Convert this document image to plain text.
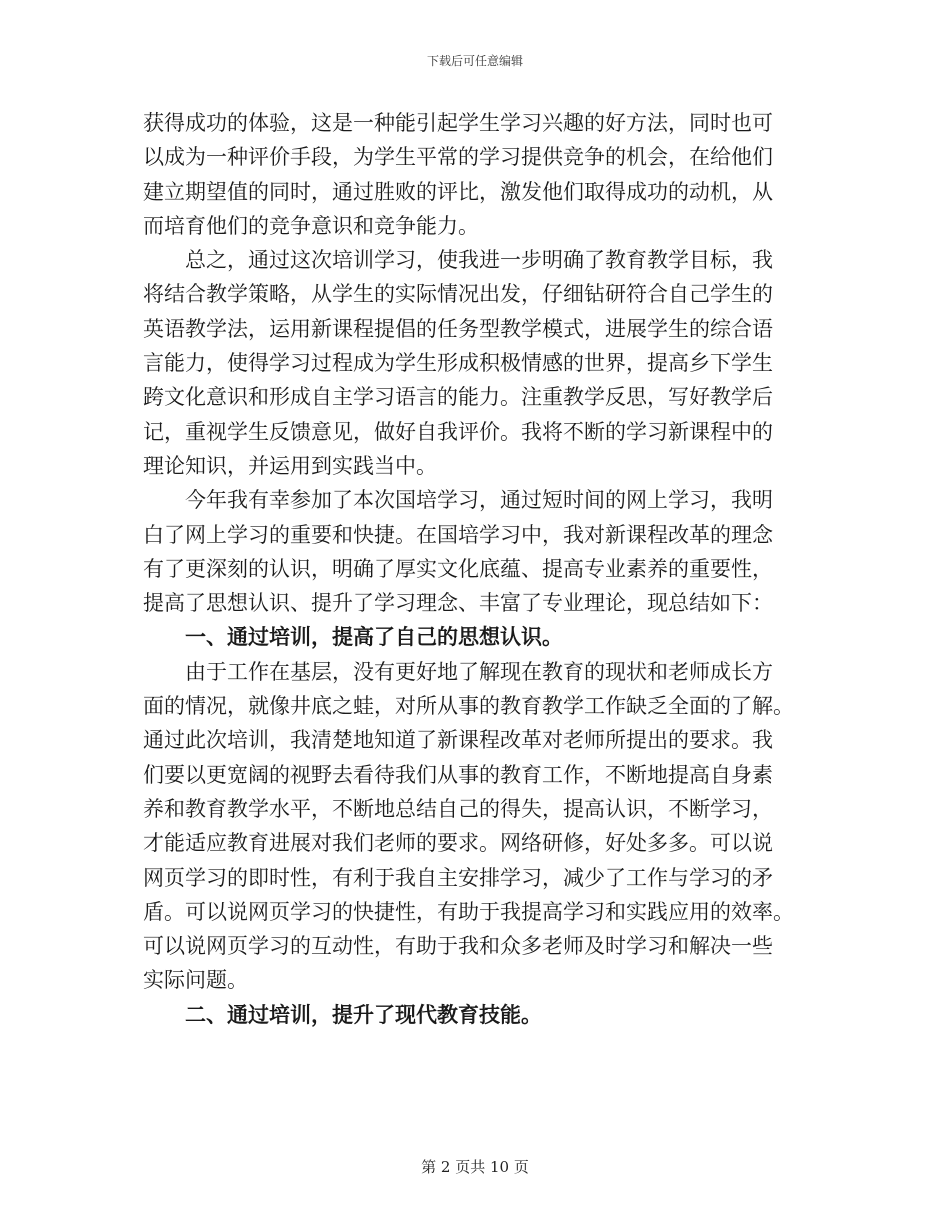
下载后可任意编辑
获得成功的体验，这是一种能引起学生学习兴趣的好方法，同时也可
以成为一种评价手段，为学生平常的学习提供竞争的机会，在给他们
建立期望值的同时，通过胜败的评比，激发他们取得成功的动机，从
而培育他们的竞争意识和竞争能力。
总之，通过这次培训学习，使我进一步明确了教育教学目标，我
将结合教学策略，从学生的实际情况出发，仔细钻研符合自己学生的
英语教学法，运用新课程提倡的任务型教学模式，进展学生的综合语
言能力，使得学习过程成为学生形成积极情感的世界，提高乡下学生
跨文化意识和形成自主学习语言的能力。注重教学反思，写好教学后
记，重视学生反馈意见，做好自我评价。我将不断的学习新课程中的
理论知识，并运用到实践当中。
今年我有幸参加了本次国培学习，通过短时间的网上学习，我明
白了网上学习的重要和快捷。在国培学习中，我对新课程改革的理念
有了更深刻的认识，明确了厚实文化底蕴、提高专业素养的重要性，
提高了思想认识、提升了学习理念、丰富了专业理论，现总结如下：
一、通过培训，提高了自己的思想认识。
由于工作在基层，没有更好地了解现在教育的现状和老师成长方
面的情况，就像井底之蛙，对所从事的教育教学工作缺乏全面的了解。
通过此次培训，我清楚地知道了新课程改革对老师所提出的要求。我
们要以更宽阔的视野去看待我们从事的教育工作，不断地提高自身素
养和教育教学水平，不断地总结自己的得失，提高认识，不断学习，
才能适应教育进展对我们老师的要求。网络研修，好处多多。可以说
网页学习的即时性，有利于我自主安排学习，减少了工作与学习的矛
盾。可以说网页学习的快捷性，有助于我提高学习和实践应用的效率。
可以说网页学习的互动性，有助于我和众多老师及时学习和解决一些
实际问题。
二、通过培训，提升了现代教育技能。
第 2 页共 10 页
